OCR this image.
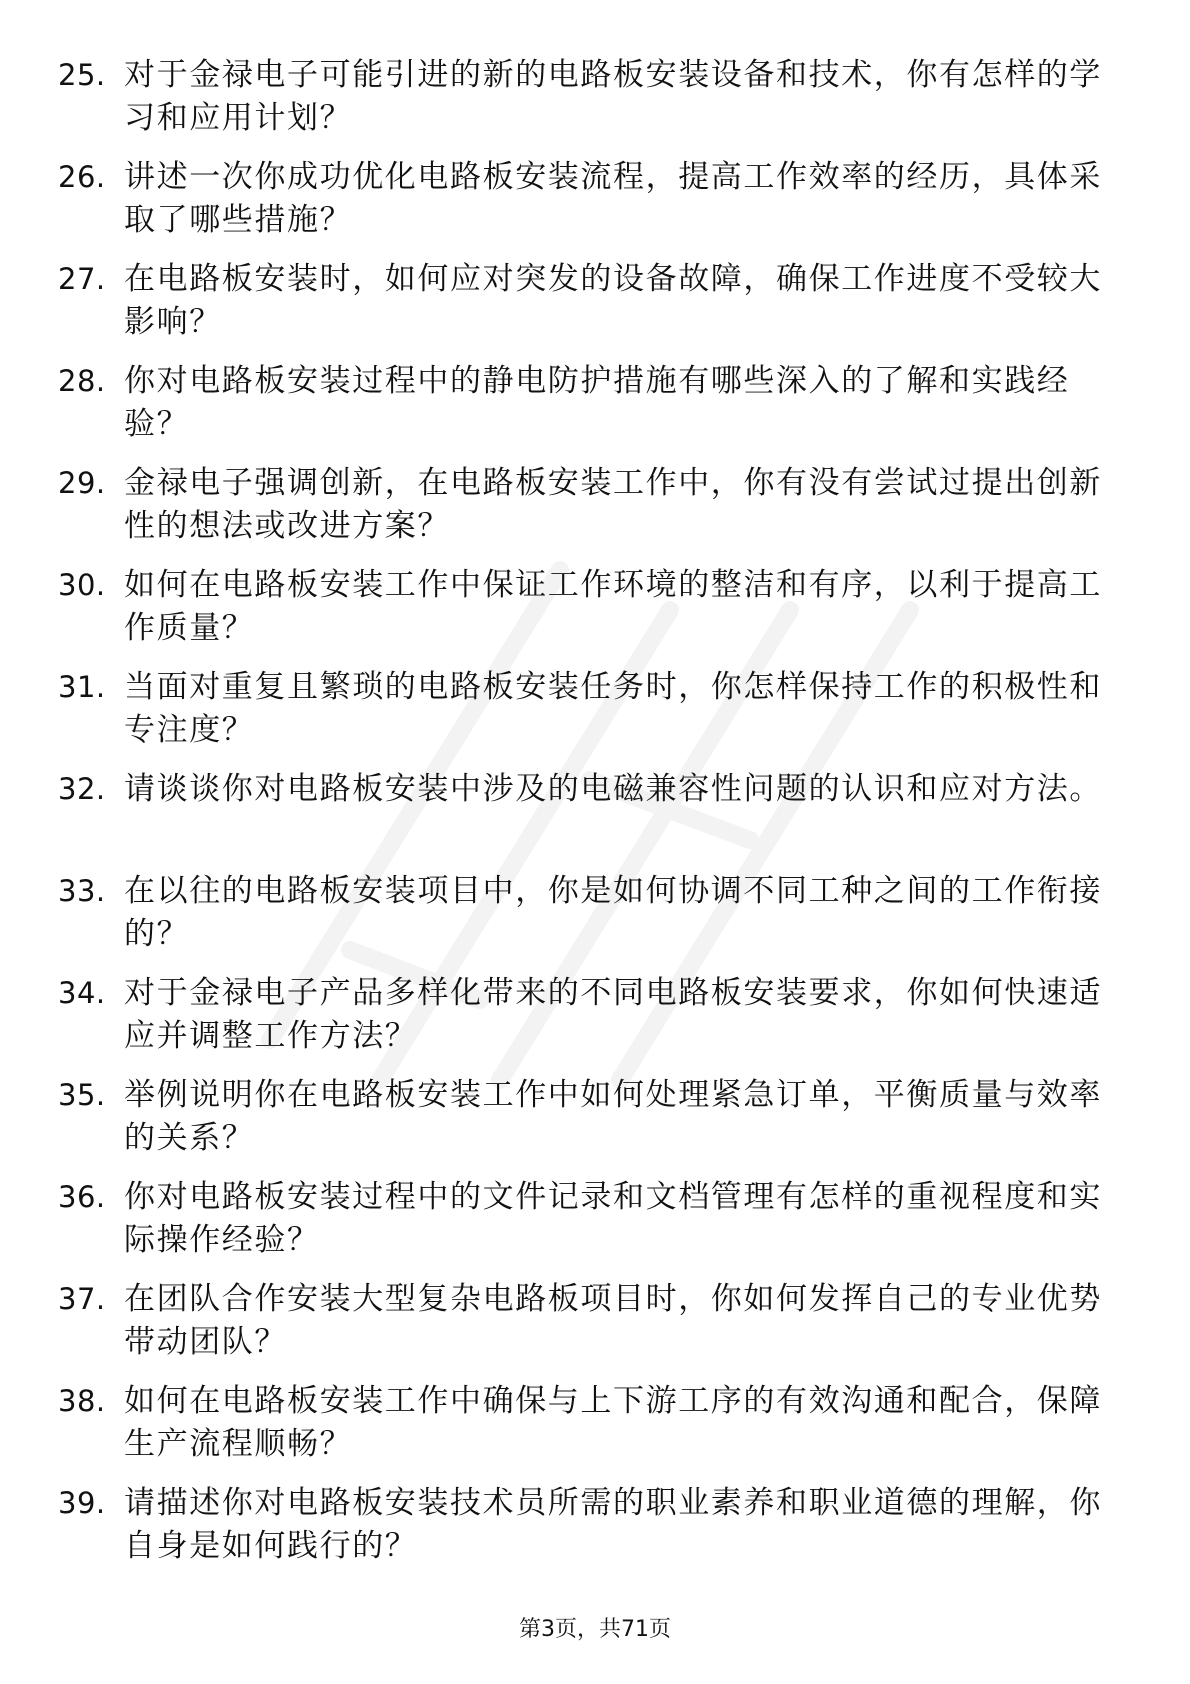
25. 对于金禄电子可能引进的新的电路板安装设备和技术，你有怎样的学习和应用计划？
26. 讲述一次你成功优化电路板安装流程，提高工作效率的经历，具体采取了哪些措施？
27. 在电路板安装时，如何应对突发的设备故障，确保工作进度不受较大影响？
28. 你对电路板安装过程中的静电防护措施有哪些深入的了解和实践经验？
29. 金禄电子强调创新，在电路板安装工作中，你有没有尝试过提出创新性的想法或改进方案？
30. 如何在电路板安装工作中保证工作环境的整洁和有序，以利于提高工作质量？
31. 当面对重复且繁琐的电路板安装任务时，你怎样保持工作的积极性和专注度？
32. 请谈谈你对电路板安装中涉及的电磁兼容性问题的认识和应对方法。
33. 在以往的电路板安装项目中，你是如何协调不同工种之间的工作衔接的？
34. 对于金禄电子产品多样化带来的不同电路板安装要求，你如何快速适应并调整工作方法？
35. 举例说明你在电路板安装工作中如何处理紧急订单，平衡质量与效率的关系？
36. 你对电路板安装过程中的文件记录和文档管理有怎样的重视程度和实际操作经验？
37. 在团队合作安装大型复杂电路板项目时，你如何发挥自己的专业优势带动团队？
38. 如何在电路板安装工作中确保与上下游工序的有效沟通和配合，保障生产流程顺畅？
39. 请描述你对电路板安装技术员所需的职业素养和职业道德的理解，你自身是如何践行的？
第3页，共71页
